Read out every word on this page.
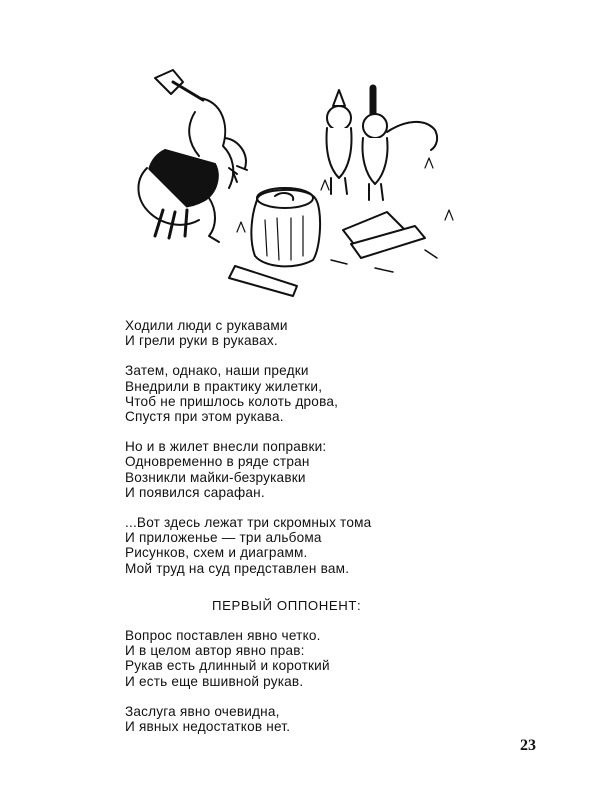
Ходили люди с рукавами
И грели руки в рукавах.
Затем, однако, наши предки
Внедрили в практику жилетки,
Чтоб не пришлось колоть дрова,
Спустя при этом рукава.
Но и в жилет внесли поправки:
Одновременно в ряде стран
Возникли майки-безрукавки
И появился сарафан.
...Вот здесь лежат три скромных тома
И приложенье — три альбома
Рисунков, схем и диаграмм.
Мой труд на суд представлен вам.
ПЕРВЫЙ ОППОНЕНТ:
Вопрос поставлен явно четко.
И в целом автор явно прав:
Рукав есть длинный и короткий
И есть еще вшивной рукав.
Заслуга явно очевидна,
И явных недостатков нет.
23
